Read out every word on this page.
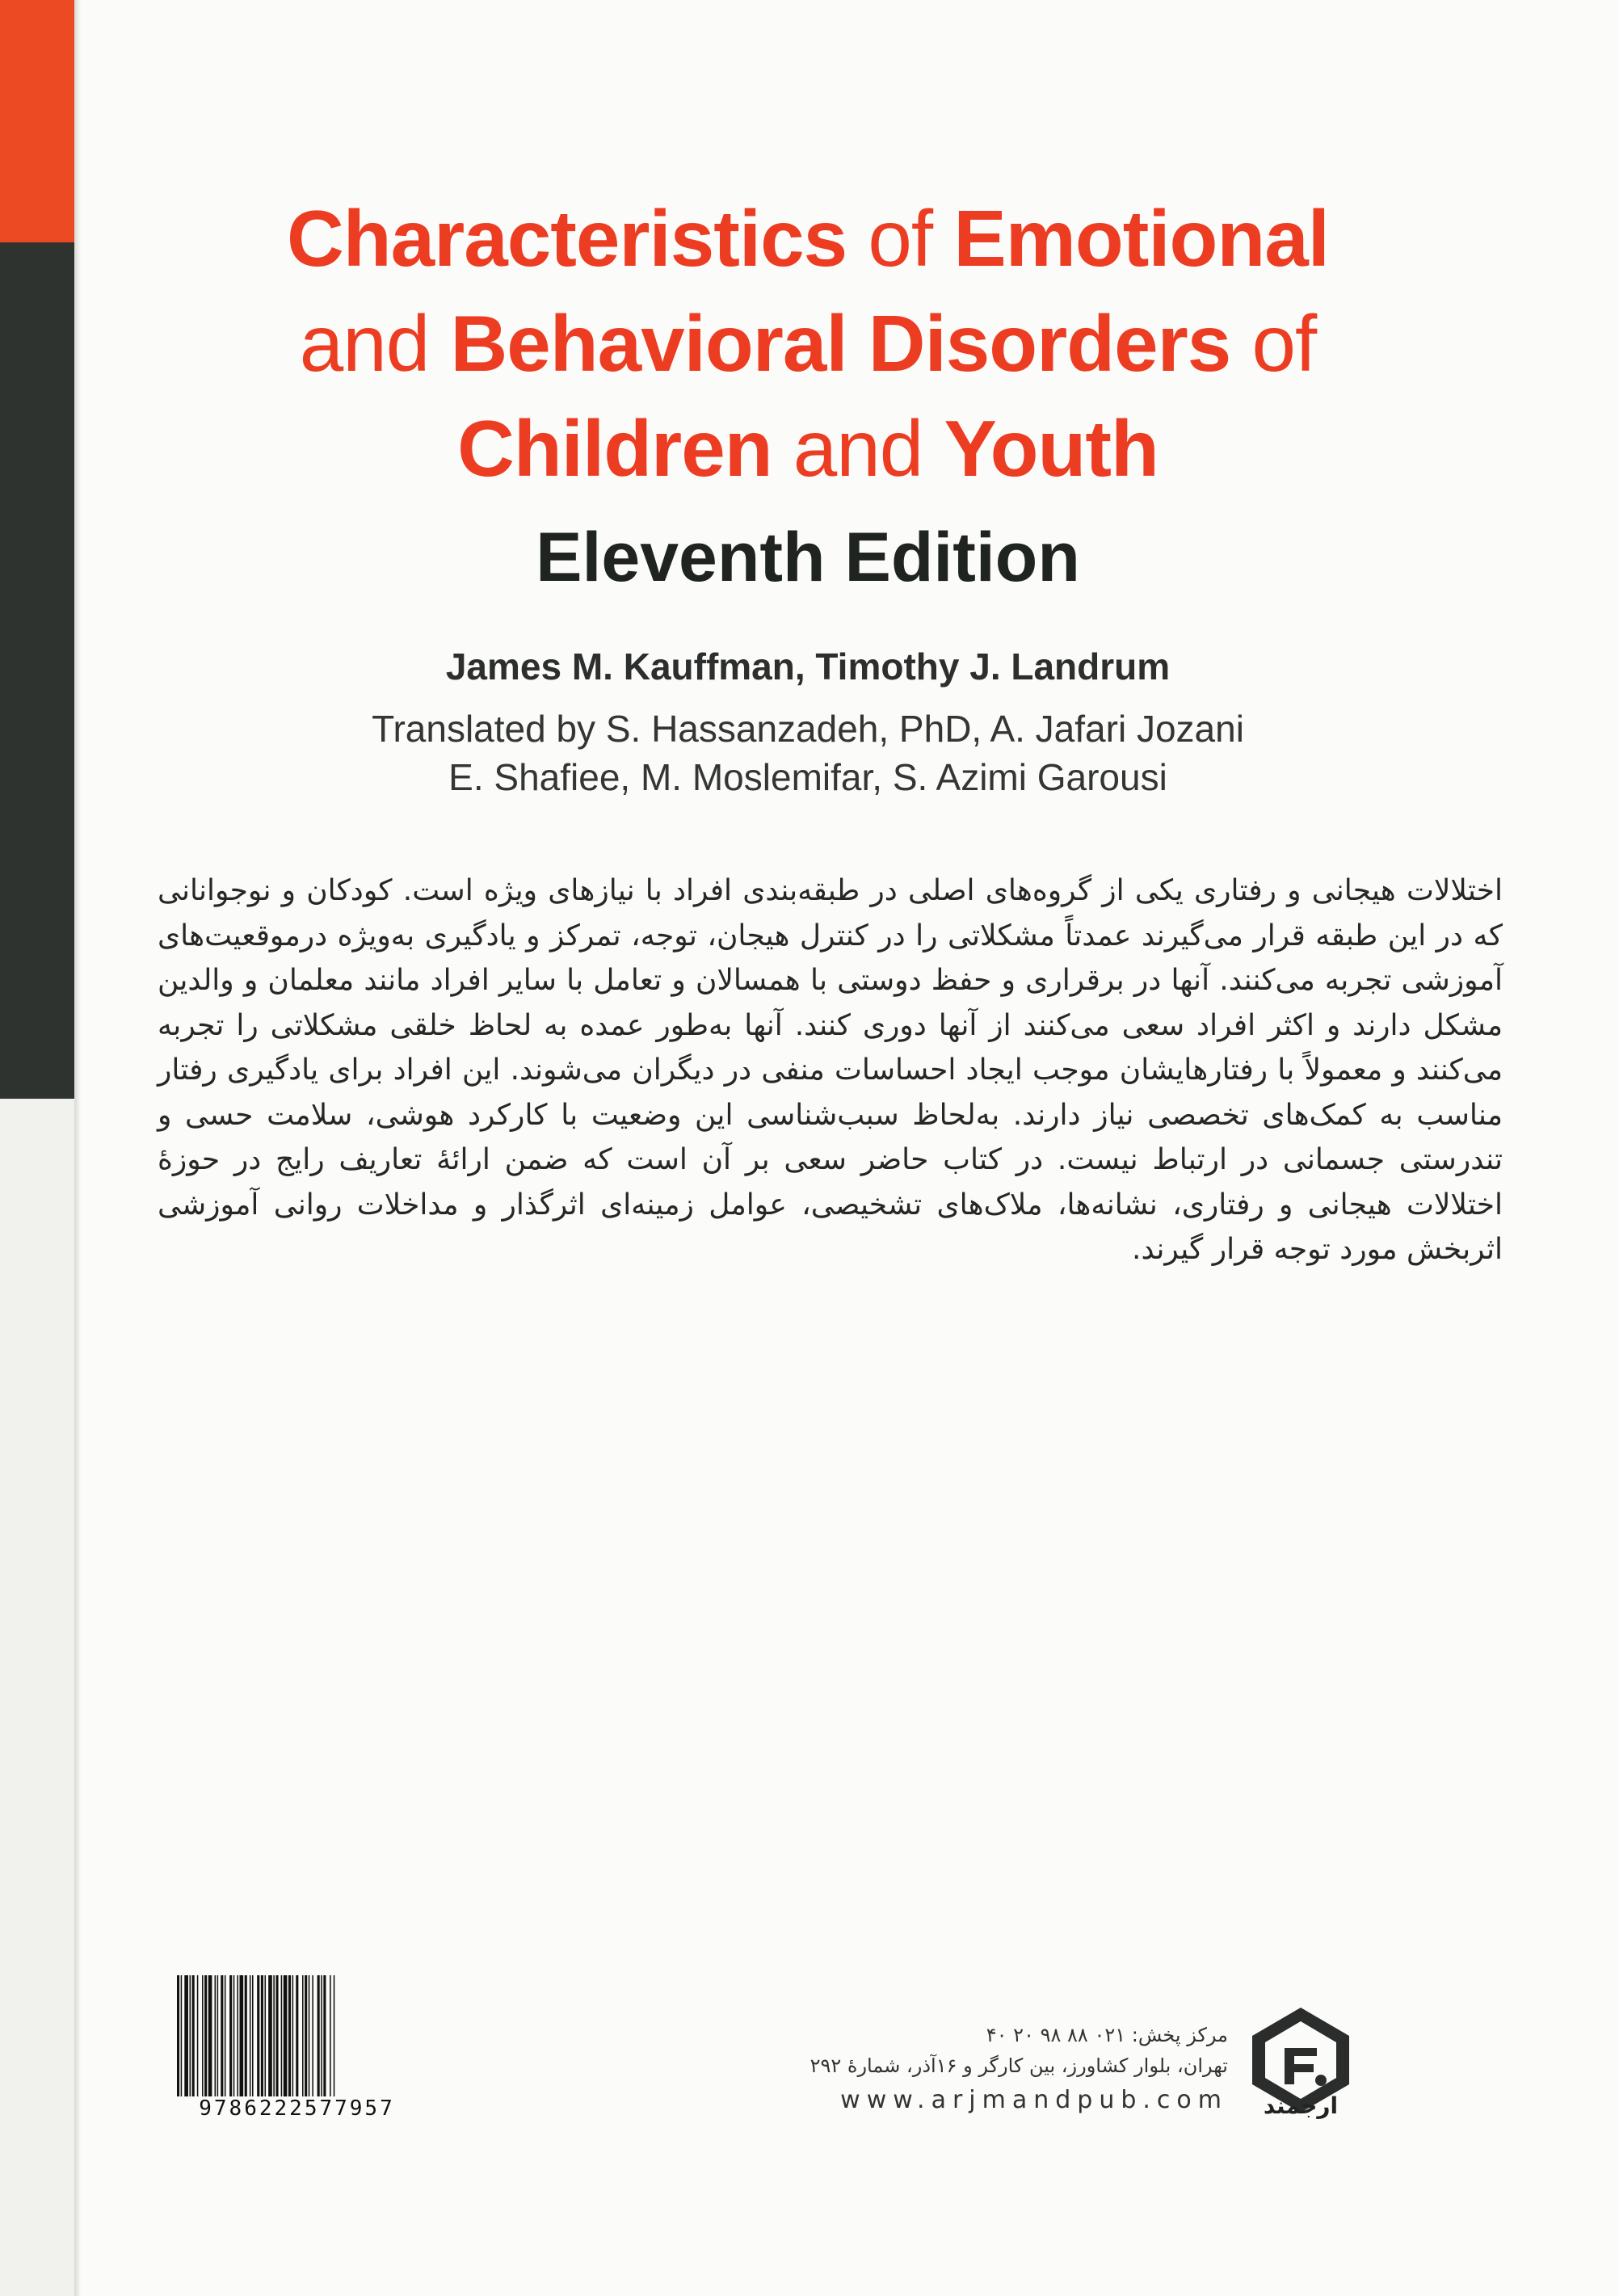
Characteristics of Emotional
and Behavioral Disorders of
Children and Youth
Eleventh Edition
James M. Kauffman, Timothy J. Landrum
Translated by S. Hassanzadeh, PhD, A. Jafari Jozani
E. Shafiee, M. Moslemifar, S. Azimi Garousi
اختلالات هیجانی و رفتاری یکی از گروه‌های اصلی در طبقه‌بندی افراد با نیازهای ویژه است. کودکان و نوجوانانی که در این طبقه قرار می‌گیرند عمدتاً مشکلاتی را در کنترل هیجان، توجه، تمرکز و یادگیری به‌ویژه درموقعیت‌های آموزشی تجربه می‌کنند. آنها در برقراری و حفظ دوستی با همسالان و تعامل با سایر افراد مانند معلمان و والدین مشکل دارند و اکثر افراد سعی می‌کنند از آنها دوری کنند. آنها به‌طور عمده به لحاظ خلقی مشکلاتی را تجربه می‌کنند و معمولاً با رفتارهایشان موجب ایجاد احساسات منفی در دیگران می‌شوند. این افراد برای یادگیری رفتار مناسب به کمک‌های تخصصی نیاز دارند. به‌لحاظ سبب‌شناسی این وضعیت با کارکرد هوشی، سلامت حسی و تندرستی جسمانی در ارتباط نیست. در کتاب حاضر سعی بر آن است که ضمن ارائهٔ تعاریف رایج در حوزهٔ اختلالات هیجانی و رفتاری، نشانه‌ها، ملاک‌های تشخیصی، عوامل زمینه‌ای اثرگذار و مداخلات روانی آموزشی اثربخش مورد توجه قرار گیرند.
9786222577957
مرکز پخش: ۰۲۱ ۸۸ ۹۸ ۲۰ ۴۰
تهران، بلوار کشاورز، بین کارگر و ۱۶آذر، شمارهٔ ۲۹۲
www.arjmandpub.com	ارجمند
